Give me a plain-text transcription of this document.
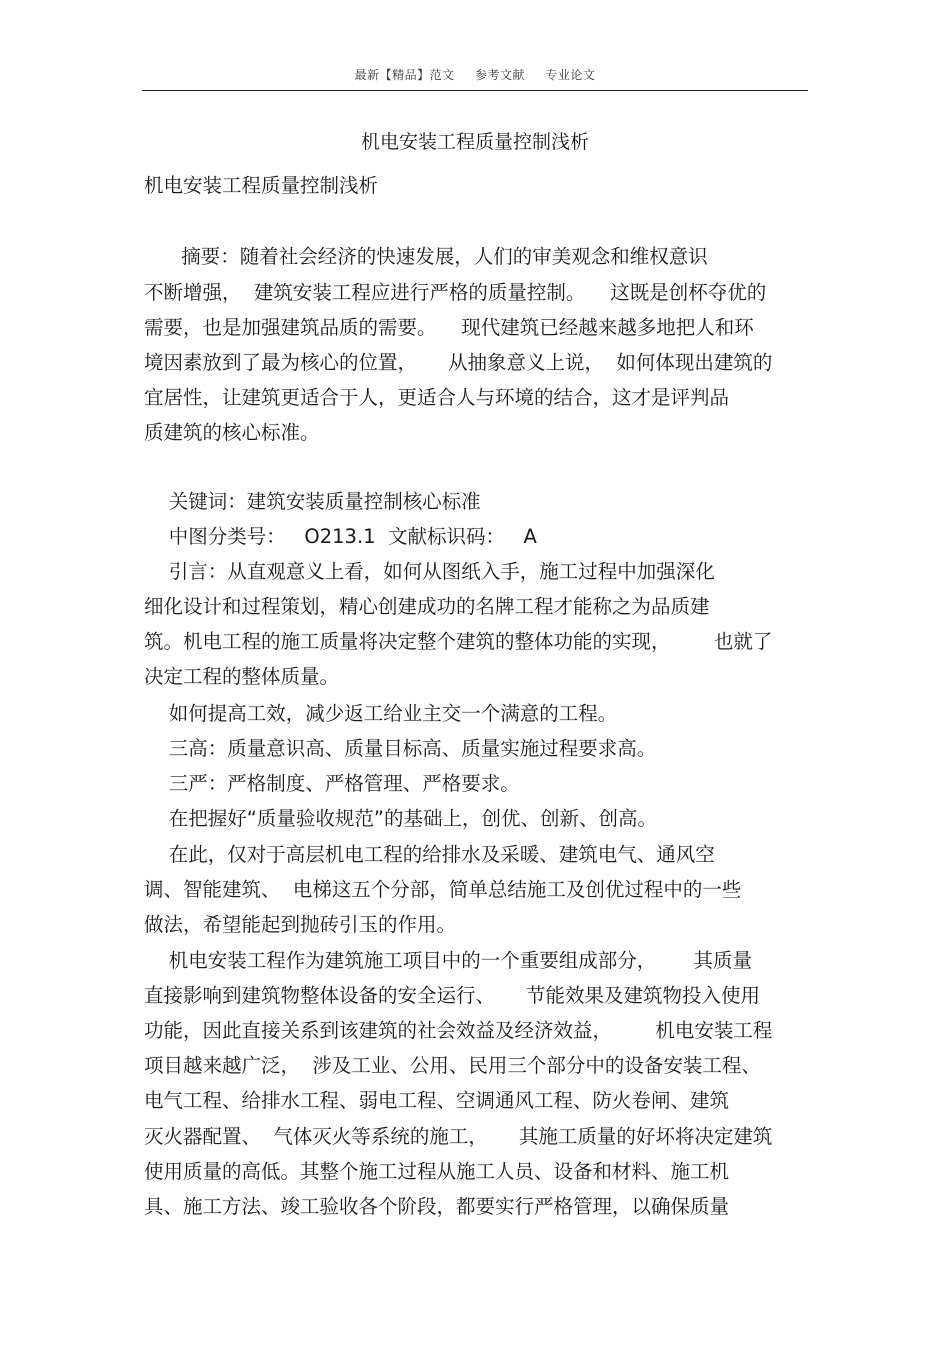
最新【精品】范文 参考文献 专业论文
机电安装工程质量控制浅析
机电安装工程质量控制浅析
摘要：随着社会经济的快速发展，人们的审美观念和维权意识
不断增强，  建筑安装工程应进行严格的质量控制。    这既是创杯夺优的
需要，也是加强建筑品质的需要。    现代建筑已经越来越多地把人和环
境因素放到了最为核心的位置，     从抽象意义上说，  如何体现出建筑的
宜居性，让建筑更适合于人，更适合人与环境的结合，这才是评判品
质建筑的核心标准。
关键词：建筑安装质量控制核心标准
中图分类号：   O213.1  文献标识码：   A
引言：从直观意义上看，如何从图纸入手，施工过程中加强深化
细化设计和过程策划，精心创建成功的名牌工程才能称之为品质建
筑。机电工程的施工质量将决定整个建筑的整体功能的实现，       也就了
决定工程的整体质量。
如何提高工效，减少返工给业主交一个满意的工程。
三高：质量意识高、质量目标高、质量实施过程要求高。
三严：严格制度、严格管理、严格要求。
在把握好“质量验收规范”的基础上，创优、创新、创高。
在此，仅对于高层机电工程的给排水及采暖、建筑电气、通风空
调、智能建筑、  电梯这五个分部，简单总结施工及创优过程中的一些
做法，希望能起到抛砖引玉的作用。
机电安装工程作为建筑施工项目中的一个重要组成部分，      其质量
直接影响到建筑物整体设备的安全运行、     节能效果及建筑物投入使用
功能，因此直接关系到该建筑的社会效益及经济效益，       机电安装工程
项目越来越广泛，  涉及工业、公用、民用三个部分中的设备安装工程、
电气工程、给排水工程、弱电工程、空调通风工程、防火卷闸、建筑
灭火器配置、  气体灭火等系统的施工，     其施工质量的好坏将决定建筑
使用质量的高低。其整个施工过程从施工人员、设备和材料、施工机
具、施工方法、竣工验收各个阶段，都要实行严格管理，以确保质量
